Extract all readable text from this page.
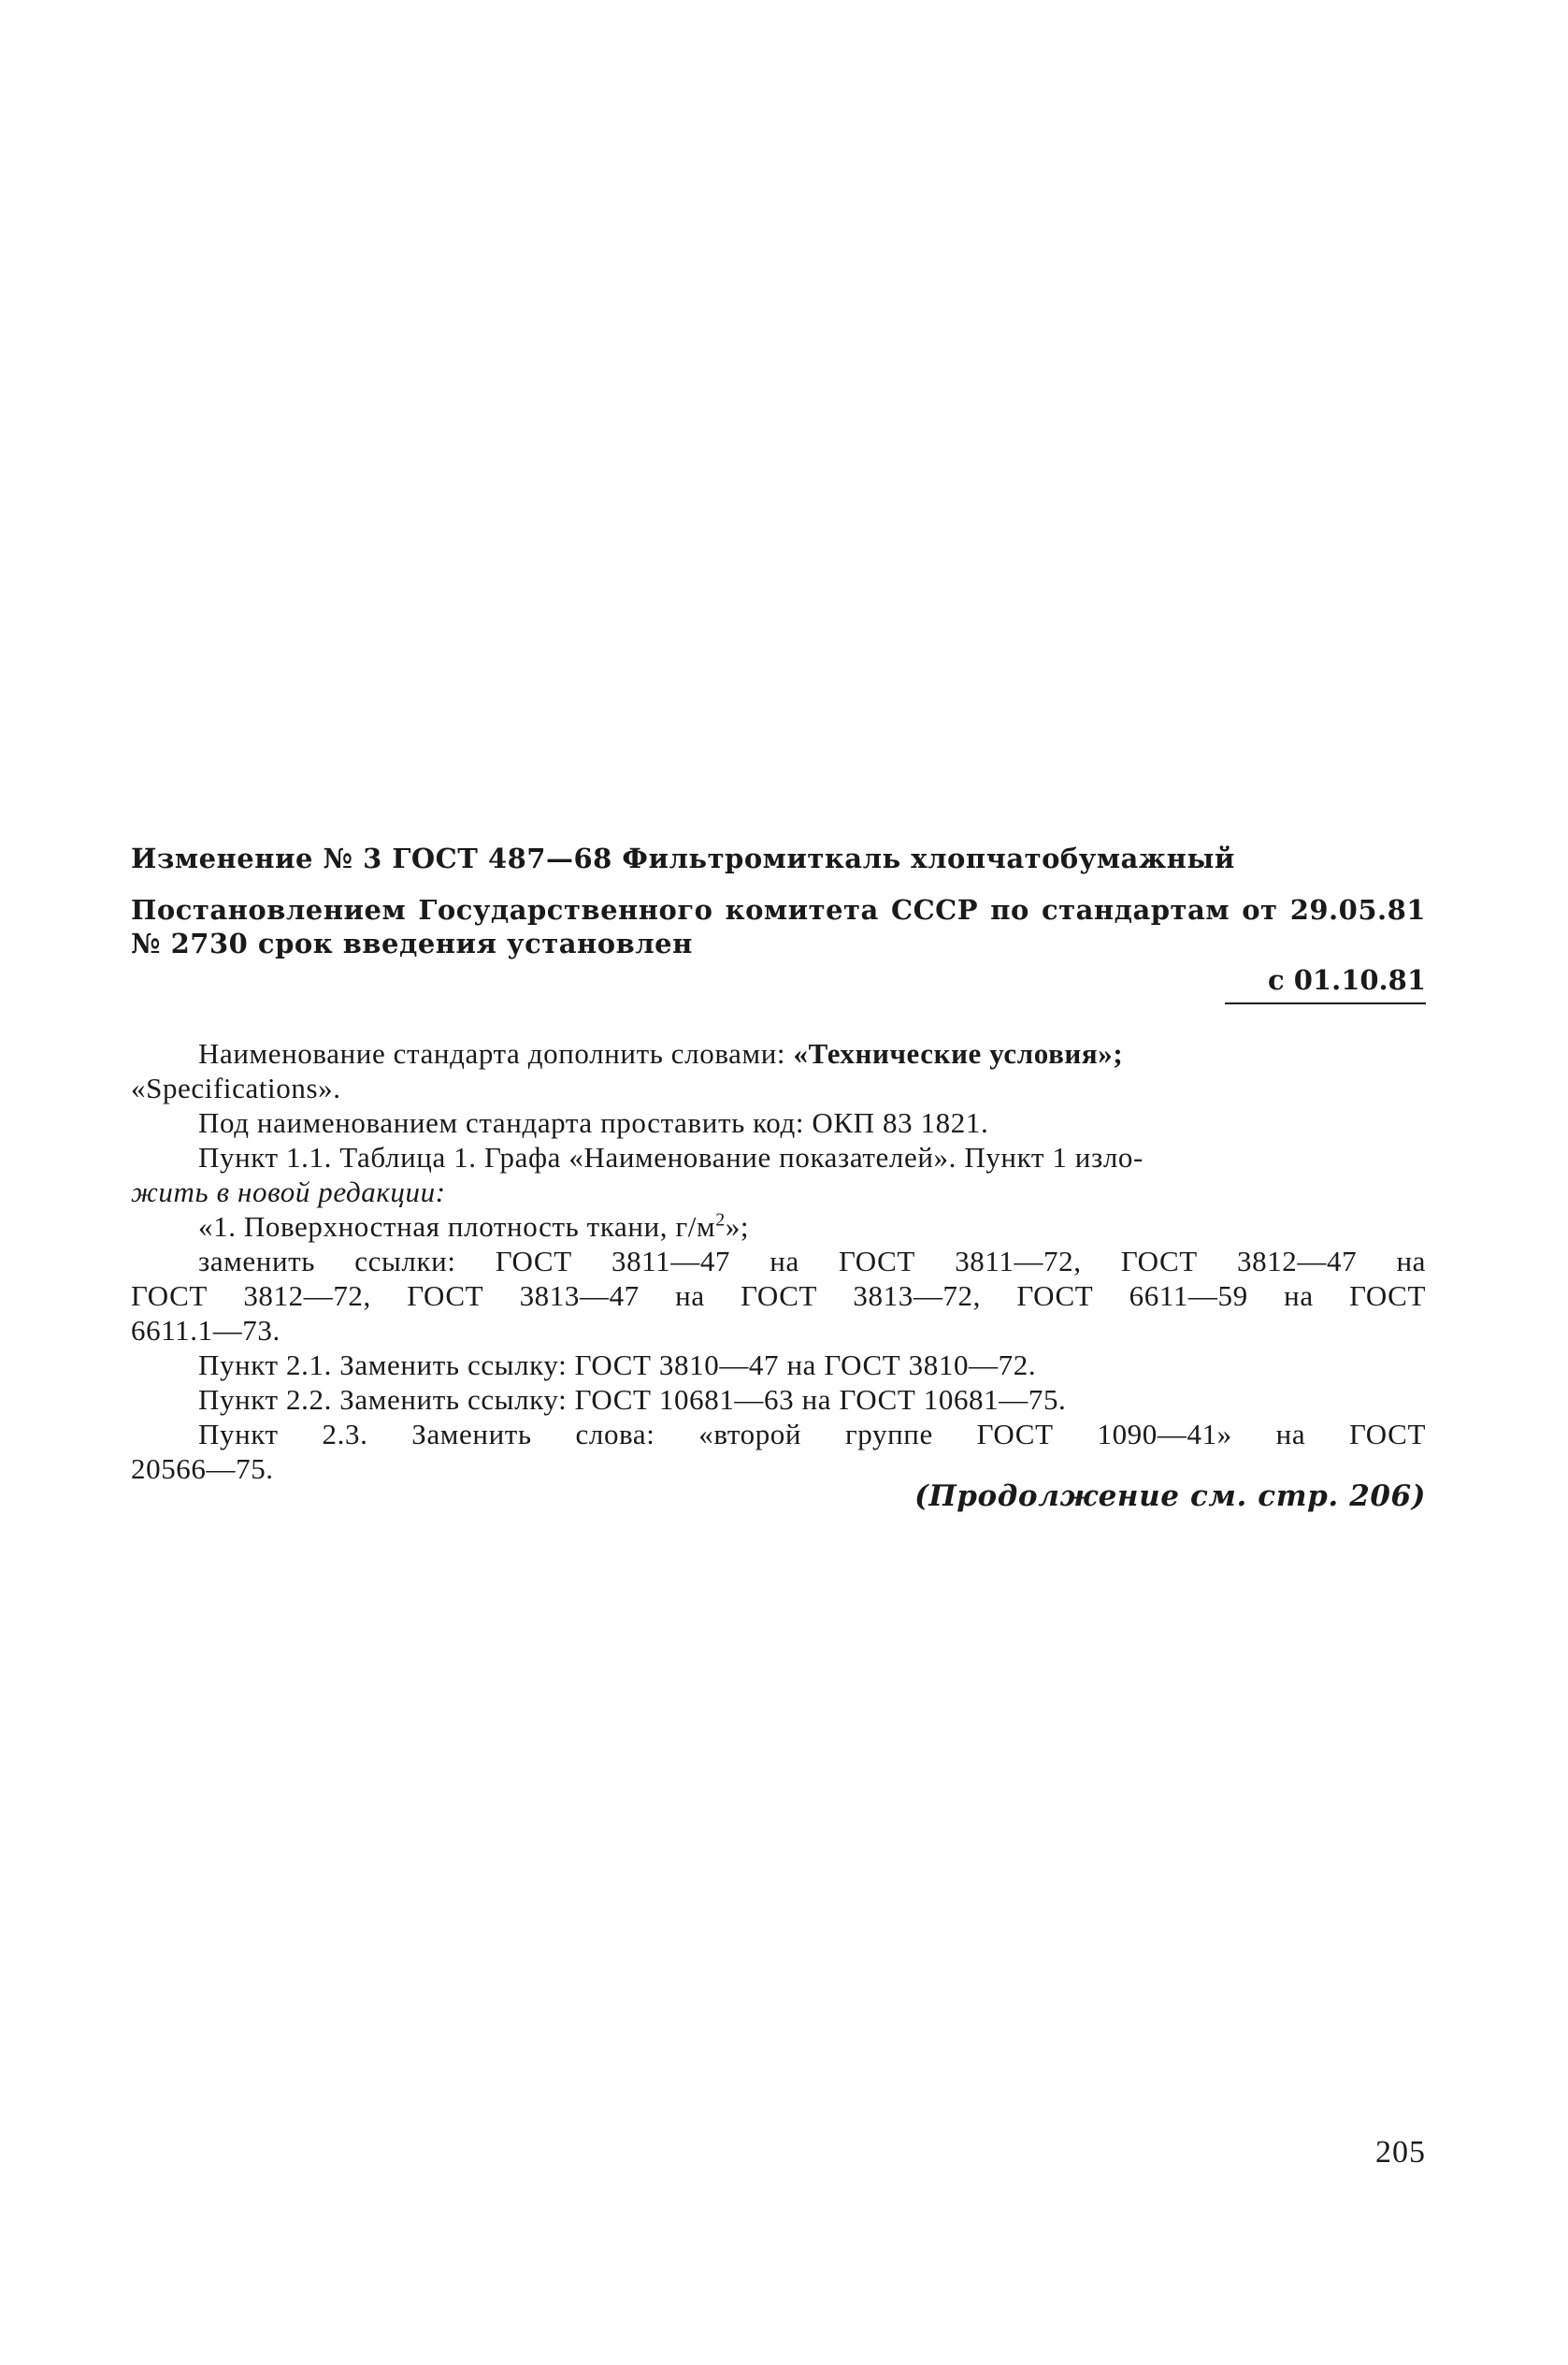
Изменение № 3 ГОСТ 487—68 Фильтромиткаль хлопчатобумажный
Постановлением Государственного комитета СССР по стандартам от 29.05.81
№ 2730 срок введения установлен
с 01.10.81

Наименование стандарта дополнить словами: «Технические условия»;
«Specifications».

Под наименованием стандарта проставить код: ОКП 83 1821.

Пункт 1.1. Таблица 1. Графа «Наименование показателей». Пункт 1 изло-
жить в новой редакции:

«1. Поверхностная плотность ткани, $г/м^2$»;

заменить ссылки: ГОСТ 3811—47 на ГОСТ 3811—72, ГОСТ 3812—47 на

ГОСТ 3812—72, ГОСТ 3813—47 на ГОСТ 3813—72, ГОСТ 6611—59 на ГОСТ

6611.1—73.

Пункт 2.1. Заменить ссылку: ГОСТ 3810—47 на ГОСТ 3810—72.

Пункт 2.2. Заменить ссылку: ГОСТ 10681—63 на ГОСТ 10681—75.

Пункт 2.3. Заменить слова: «второй группе ГОСТ 1090—41» на ГОСТ

20566—75.

(Продолжение см. стр. 206)
205
